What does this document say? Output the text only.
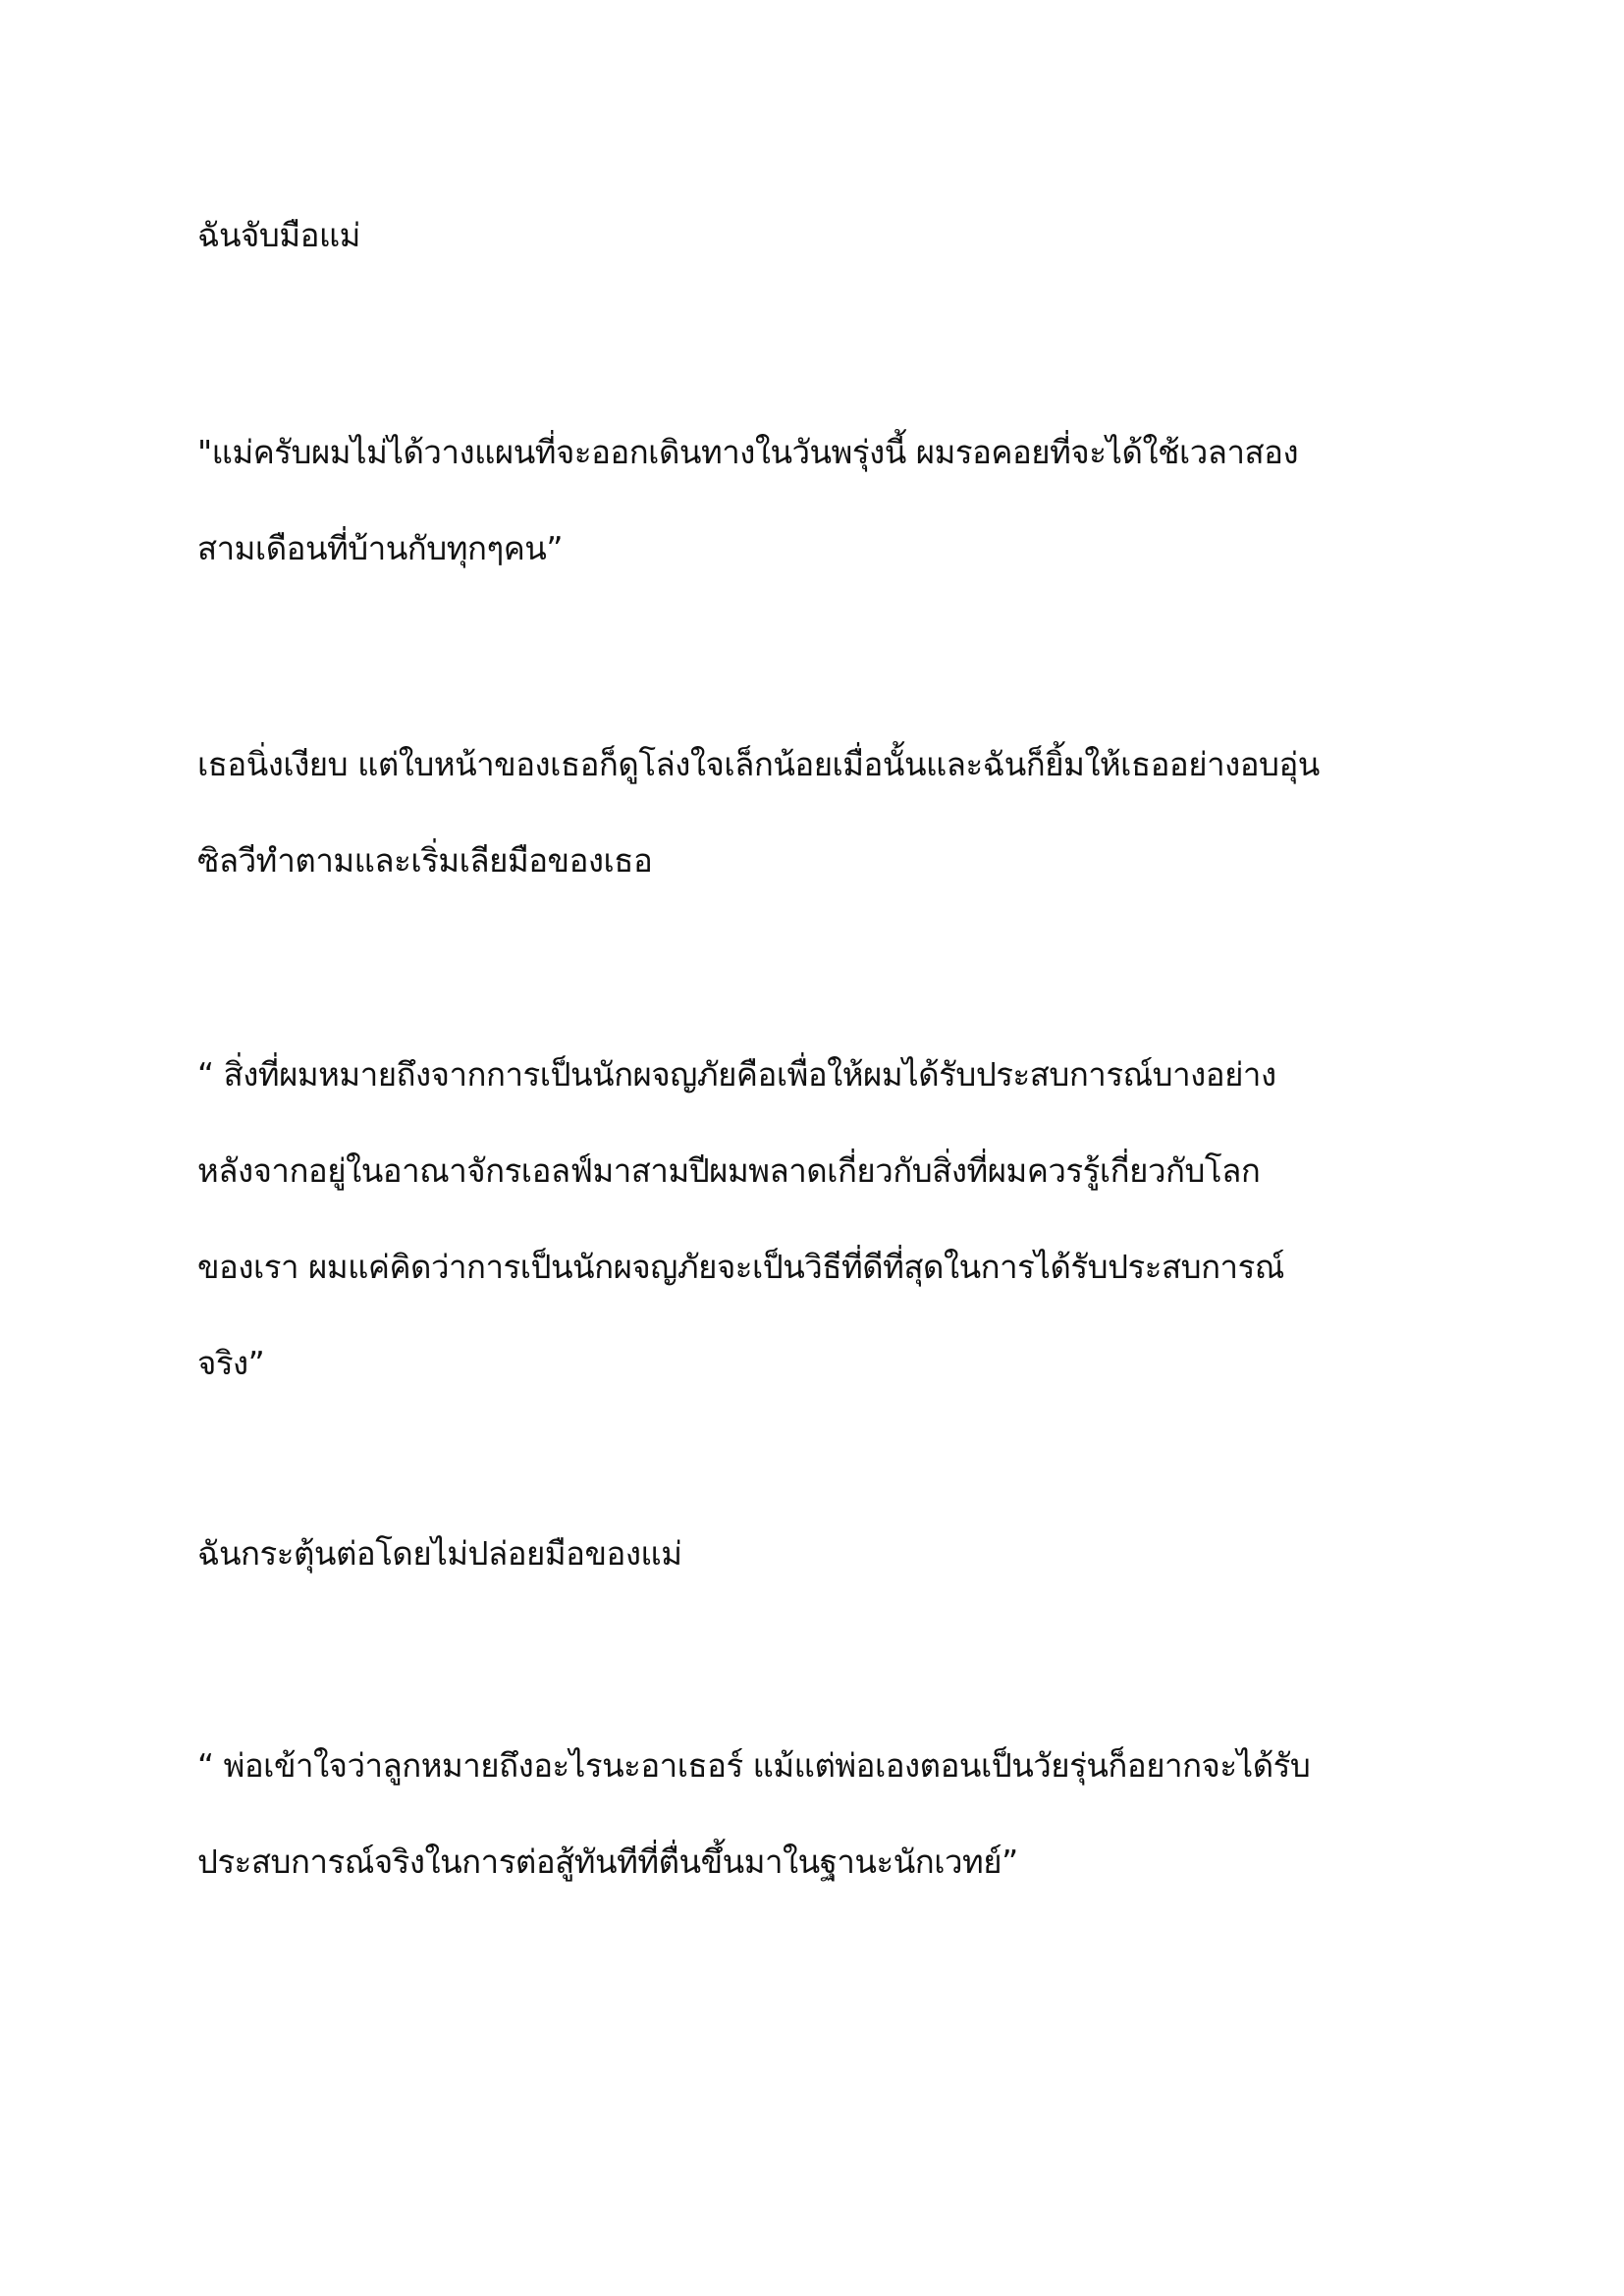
ฉันจับมือแม่

"แม่ครับผมไม่ได้วางแผนที่จะออกเดินทางในวันพรุ่งนี้ ผมรอคอยที่จะได้ใช้เวลาสอง
สามเดือนที่บ้านกับทุกๆคน”

เธอนิ่งเงียบ แต่ใบหน้าของเธอก็ดูโล่งใจเล็กน้อยเมื่อนั้นและฉันก็ยิ้มให้เธออย่างอบอุ่น
ซิลวีทำตามและเริ่มเลียมือของเธอ

“ สิ่งที่ผมหมายถึงจากการเป็นนักผจญภัยคือเพื่อให้ผมได้รับประสบการณ์บางอย่าง
หลังจากอยู่ในอาณาจักรเอลฟ์มาสามปีผมพลาดเกี่ยวกับสิ่งที่ผมควรรู้เกี่ยวกับโลก
ของเรา ผมแค่คิดว่าการเป็นนักผจญภัยจะเป็นวิธีที่ดีที่สุดในการได้รับประสบการณ์
จริง”

ฉันกระตุ้นต่อโดยไม่ปล่อยมือของแม่

“ พ่อเข้าใจว่าลูกหมายถึงอะไรนะอาเธอร์ แม้แต่พ่อเองตอนเป็นวัยรุ่นก็อยากจะได้รับ
ประสบการณ์จริงในการต่อสู้ทันทีที่ตื่นขึ้นมาในฐานะนักเวทย์”
